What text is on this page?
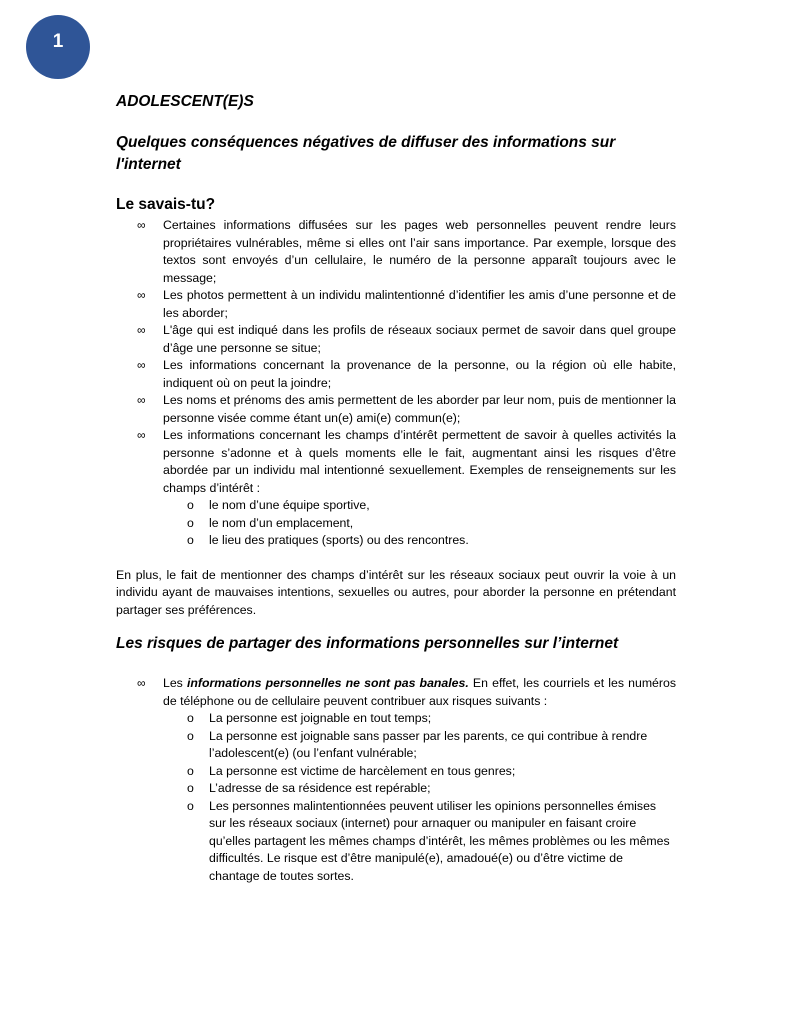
1
ADOLESCENT(E)S
Quelques conséquences négatives de diffuser des informations sur l'internet
Le savais-tu?
∞ Certaines informations diffusées sur les pages web personnelles peuvent rendre leurs propriétaires vulnérables, même si elles ont l’air sans importance. Par exemple, lorsque des textos sont envoyés d’un cellulaire, le numéro de la personne apparaît toujours avec le message;
∞ Les photos permettent à un individu malintentionné d’identifier les amis d’une personne et de les aborder;
∞ L'âge qui est indiqué dans les profils de réseaux sociaux permet de savoir dans quel groupe d’âge une personne se situe;
∞ Les informations concernant la provenance de la personne, ou la région où elle habite, indiquent où on peut la joindre;
∞ Les noms et prénoms des amis permettent de les aborder par leur nom, puis de mentionner la personne visée comme étant un(e) ami(e) commun(e);
∞ Les informations concernant les champs d’intérêt permettent de savoir à quelles activités la personne s’adonne et à quels moments elle le fait, augmentant ainsi les risques d’être abordée par un individu mal intentionné sexuellement. Exemples de renseignements sur les champs d’intérêt :
o le nom d’une équipe sportive,
o le nom d’un emplacement,
o le lieu des pratiques (sports) ou des rencontres.
En plus, le fait de mentionner des champs d’intérêt sur les réseaux sociaux peut ouvrir la voie à un individu ayant de mauvaises intentions, sexuelles ou autres, pour aborder la personne en prétendant partager ses préférences.
Les risques de partager des informations personnelles sur l’internet
∞ Les informations personnelles ne sont pas banales. En effet, les courriels et les numéros de téléphone ou de cellulaire peuvent contribuer aux risques suivants :
o La personne est joignable en tout temps;
o La personne est joignable sans passer par les parents, ce qui contribue à rendre l’adolescent(e) (ou l’enfant vulnérable;
o La personne est victime de harcèlement en tous genres;
o L’adresse de sa résidence est repérable;
o Les personnes malintentionnées peuvent utiliser les opinions personnelles émises sur les réseaux sociaux (internet) pour arnaquer ou manipuler en faisant croire qu’elles partagent les mêmes champs d’intérêt, les mêmes problèmes ou les mêmes difficultés. Le risque est d’être manipulé(e), amadoué(e) ou d’être victime de chantage de toutes sortes.
